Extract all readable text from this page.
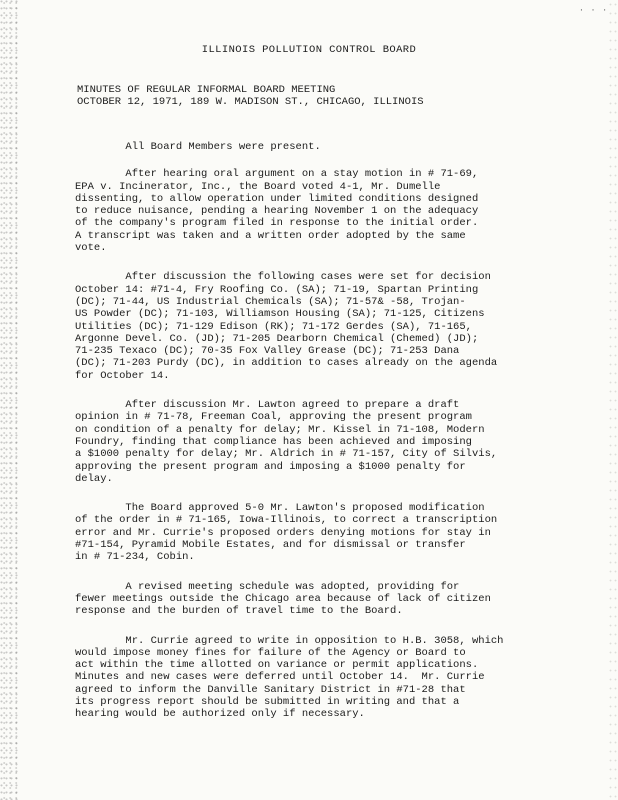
· · ·
ILLINOIS POLLUTION CONTROL BOARD
MINUTES OF REGULAR INFORMAL BOARD MEETING
OCTOBER 12, 1971, 189 W. MADISON ST., CHICAGO, ILLINOIS

All Board Members were present.

After hearing oral argument on a stay motion in # 71-69,
EPA v. Incinerator, Inc., the Board voted 4-1, Mr. Dumelle
dissenting, to allow operation under limited conditions designed
to reduce nuisance, pending a hearing November 1 on the adequacy
of the company's program filed in response to the initial order.
A transcript was taken and a written order adopted by the same
vote.

After discussion the following cases were set for decision
October 14: #71-4, Fry Roofing Co. (SA); 71-19, Spartan Printing
(DC); 71-44, US Industrial Chemicals (SA); 71-57& -58, Trojan-
US Powder (DC); 71-103, Williamson Housing (SA); 71-125, Citizens
Utilities (DC); 71-129 Edison (RK); 71-172 Gerdes (SA), 71-165,
Argonne Devel. Co. (JD); 71-205 Dearborn Chemical (Chemed) (JD);
71-235 Texaco (DC); 70-35 Fox Valley Grease (DC); 71-253 Dana
(DC); 71-203 Purdy (DC), in addition to cases already on the agenda
for October 14.

After discussion Mr. Lawton agreed to prepare a draft
opinion in # 71-78, Freeman Coal, approving the present program
on condition of a penalty for delay; Mr. Kissel in 71-108, Modern
Foundry, finding that compliance has been achieved and imposing
a $1000 penalty for delay; Mr. Aldrich in # 71-157, City of Silvis,
approving the present program and imposing a $1000 penalty for
delay.

The Board approved 5-0 Mr. Lawton's proposed modification
of the order in # 71-165, Iowa-Illinois, to correct a transcription
error and Mr. Currie's proposed orders denying motions for stay in
#71-154, Pyramid Mobile Estates, and for dismissal or transfer
in # 71-234, Cobin.

A revised meeting schedule was adopted, providing for
fewer meetings outside the Chicago area because of lack of citizen
response and the burden of travel time to the Board.

Mr. Currie agreed to write in opposition to H.B. 3058, which
would impose money fines for failure of the Agency or Board to
act within the time allotted on variance or permit applications.
Minutes and new cases were deferred until October 14.  Mr. Currie
agreed to inform the Danville Sanitary District in #71-28 that
its progress report should be submitted in writing and that a
hearing would be authorized only if necessary.
